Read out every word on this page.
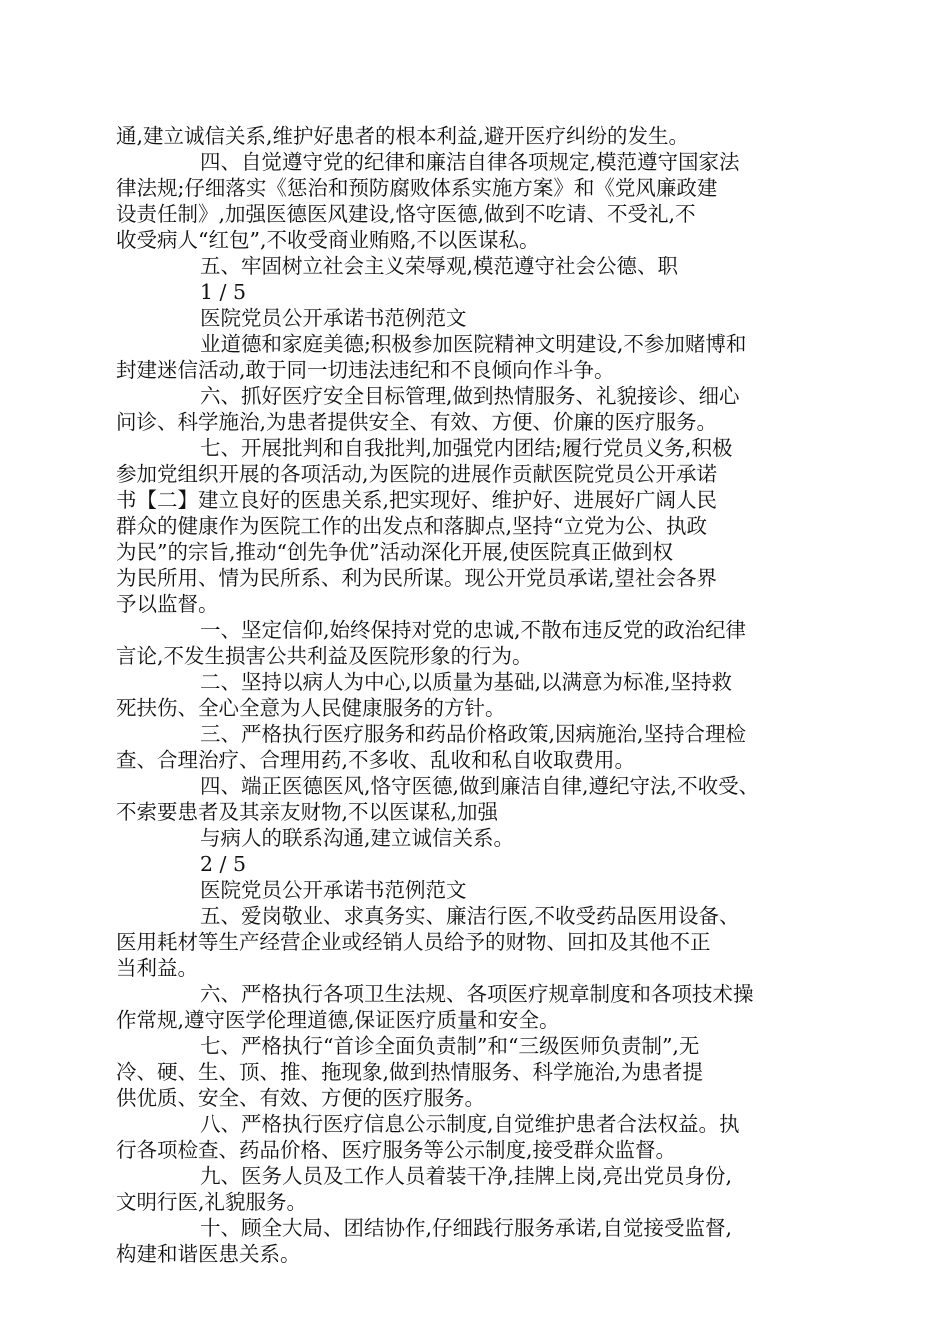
通,建立诚信关系,维护好患者的根本利益,避开医疗纠纷的发生。
四、自觉遵守党的纪律和廉洁自律各项规定,模范遵守国家法
律法规;仔细落实《惩治和预防腐败体系实施方案》和《党风廉政建
设责任制》,加强医德医风建设,恪守医德,做到不吃请、不受礼,不
收受病人“红包”,不收受商业贿赂,不以医谋私。
五、牢固树立社会主义荣辱观,模范遵守社会公德、职
1 / 5
医院党员公开承诺书范例范文
业道德和家庭美德;积极参加医院精神文明建设,不参加赌博和
封建迷信活动,敢于同一切违法违纪和不良倾向作斗争。
六、抓好医疗安全目标管理,做到热情服务、礼貌接诊、细心
问诊、科学施治,为患者提供安全、有效、方便、价廉的医疗服务。
七、开展批判和自我批判,加强党内团结;履行党员义务,积极
参加党组织开展的各项活动,为医院的进展作贡献医院党员公开承诺
书【二】建立良好的医患关系,把实现好、维护好、进展好广阔人民
群众的健康作为医院工作的出发点和落脚点,坚持“立党为公、执政
为民”的宗旨,推动“创先争优”活动深化开展,使医院真正做到权
为民所用、情为民所系、利为民所谋。现公开党员承诺,望社会各界
予以监督。
一、坚定信仰,始终保持对党的忠诚,不散布违反党的政治纪律
言论,不发生损害公共利益及医院形象的行为。
二、坚持以病人为中心,以质量为基础,以满意为标准,坚持救
死扶伤、全心全意为人民健康服务的方针。
三、严格执行医疗服务和药品价格政策,因病施治,坚持合理检
查、合理治疗、合理用药,不多收、乱收和私自收取费用。
四、端正医德医风,恪守医德,做到廉洁自律,遵纪守法,不收受、
不索要患者及其亲友财物,不以医谋私,加强
与病人的联系沟通,建立诚信关系。
2 / 5
医院党员公开承诺书范例范文
五、爱岗敬业、求真务实、廉洁行医,不收受药品医用设备、
医用耗材等生产经营企业或经销人员给予的财物、回扣及其他不正
当利益。
六、严格执行各项卫生法规、各项医疗规章制度和各项技术操
作常规,遵守医学伦理道德,保证医疗质量和安全。
七、严格执行“首诊全面负责制”和“三级医师负责制”,无
冷、硬、生、顶、推、拖现象,做到热情服务、科学施治,为患者提
供优质、安全、有效、方便的医疗服务。
八、严格执行医疗信息公示制度,自觉维护患者合法权益。执
行各项检查、药品价格、医疗服务等公示制度,接受群众监督。
九、医务人员及工作人员着装干净,挂牌上岗,亮出党员身份,
文明行医,礼貌服务。
十、顾全大局、团结协作,仔细践行服务承诺,自觉接受监督,
构建和谐医患关系。
